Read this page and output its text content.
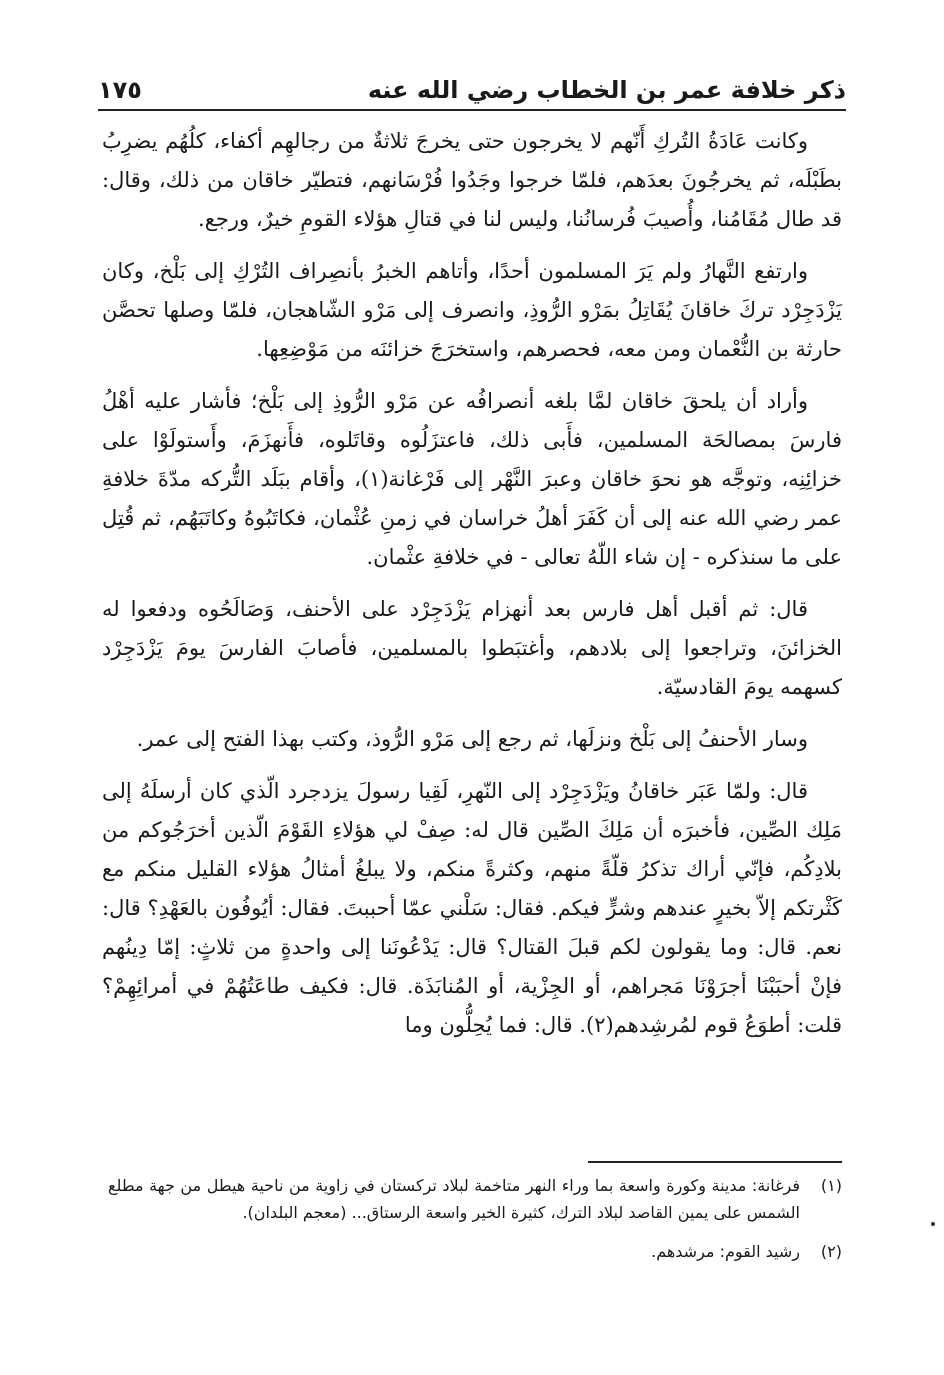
ذكر خلافة عمر بن الخطاب رضي الله عنه
١٧٥

وكانت عَادَةُ التُركِ أَنّهم لا يخرجون حتى يخرجَ ثلاثةٌ من رجالهِم أكفاء، كلُهُم يضرِبُ بطَبْلَه، ثم يخرجُونَ بعدَهم، فلمّا خرجوا وجَدُوا فُرْسَانهم، فتطيّر خاقان من ذلك، وقال: قد طال مُقَامُنا، وأُصيبَ فُرسانُنا، وليس لنا في قتالِ هؤلاء القومِ خيرٌ، ورجع.

وارتفع النَّهارُ ولم يَرَ المسلمون أحدًا، وأتاهم الخبرُ بأنصِراف التُرْكِ إلى بَلْخ، وكان يَزْدَجِرْد تركَ خاقانَ يُقَاتِلُ بمَرْو الرُّوذِ، وانصرف إلى مَرْو الشّاهجان، فلمّا وصلها تحصَّن حارثة بن النُّعْمان ومن معه، فحصرهم، واستخرَجَ خزائنَه من مَوْضِعِها.

وأراد أن يلحقَ خاقان لمَّا بلغه أنصرافُه عن مَرْو الرُّوذِ إلى بَلْخ؛ فأشار عليه أهْلُ فارسَ بمصالحَة المسلمين، فأَبى ذلك، فاعتزَلُوه وقاتَلوه، فأَنهزَمَ، وأَستولَوْا على خزائِنِه، وتوجَّه هو نحوَ خاقان وعبرَ النَّهْر إلى فَرْغانة(١)، وأقام ببَلَد التُّركه مدّةَ خلافةِ عمر رضي الله عنه إلى أن كَفَرَ أهلُ خراسان في زمنِ عُثْمان، فكاتَبُوهُ وكاتَبَهُم، ثم قُتِل على ما سنذكره - إن شاء اللّهُ تعالى - في خلافةِ عثْمان.

قال: ثم أقبل أهل فارس بعد أنهزام يَزْدَجِرْد على الأحنف، وَصَالَحُوه ودفعوا له الخزائنَ، وتراجعوا إلى بلادهم، وأغتبَطوا بالمسلمين، فأصابَ الفارسَ يومَ يَزْدَجِرْد كسهمه يومَ القادسيّة.

وسار الأحنفُ إلى بَلْخ ونزلَها، ثم رجع إلى مَرْو الرُّوذ، وكتب بهذا الفتح إلى عمر.

قال: ولمّا عَبَر خاقانُ ويَزْدَجِرْد إلى النّهرِ، لَقِيا رسولَ يزدجرد الّذي كان أرسلَهُ إلى مَلِك الصِّين، فأخبرَه أن مَلِكَ الصِّين قال له: صِفْ لي هؤلاءِ القَوْمَ الّذين أخرَجُوكم من بلادِكُم، فإنّي أراك تذكرُ قلّةً منهم، وكثرةً منكم، ولا يبلغُ أمثالُ هؤلاء القليل منكم مع كَثْرتكم إلاّ بخيرٍ عندهم وشرٍّ فيكم. فقال: سَلْني عمّا أحببتَ. فقال: أيُوفُون بالعَهْدِ؟ قال: نعم. قال: وما يقولون لكم قبلَ القتال؟ قال: يَدْعُونَنا إلى واحدةٍ من ثلاثٍ: إمّا دِينُهم فإنْ أحبَبْنَا أجرَوْنَا مَجراهم، أو الجِزْية، أو المُنابَذَة. قال: فكيف طاعَتُهُمْ في أمرائِهِمْ؟ قلت: أطوَعُ قوم لمُرشِدهم(٢). قال: فما يُحِلُّون وما

(١)
فرغانة: مدينة وكورة واسعة بما وراء النهر متاخمة لبلاد تركستان في زاوية من ناحية هيطل من جهة مطلع الشمس على يمين القاصد لبلاد الترك، كثيرة الخير واسعة الرستاق... (معجم البلدان).
(٢)
رشيد القوم: مرشدهم.
